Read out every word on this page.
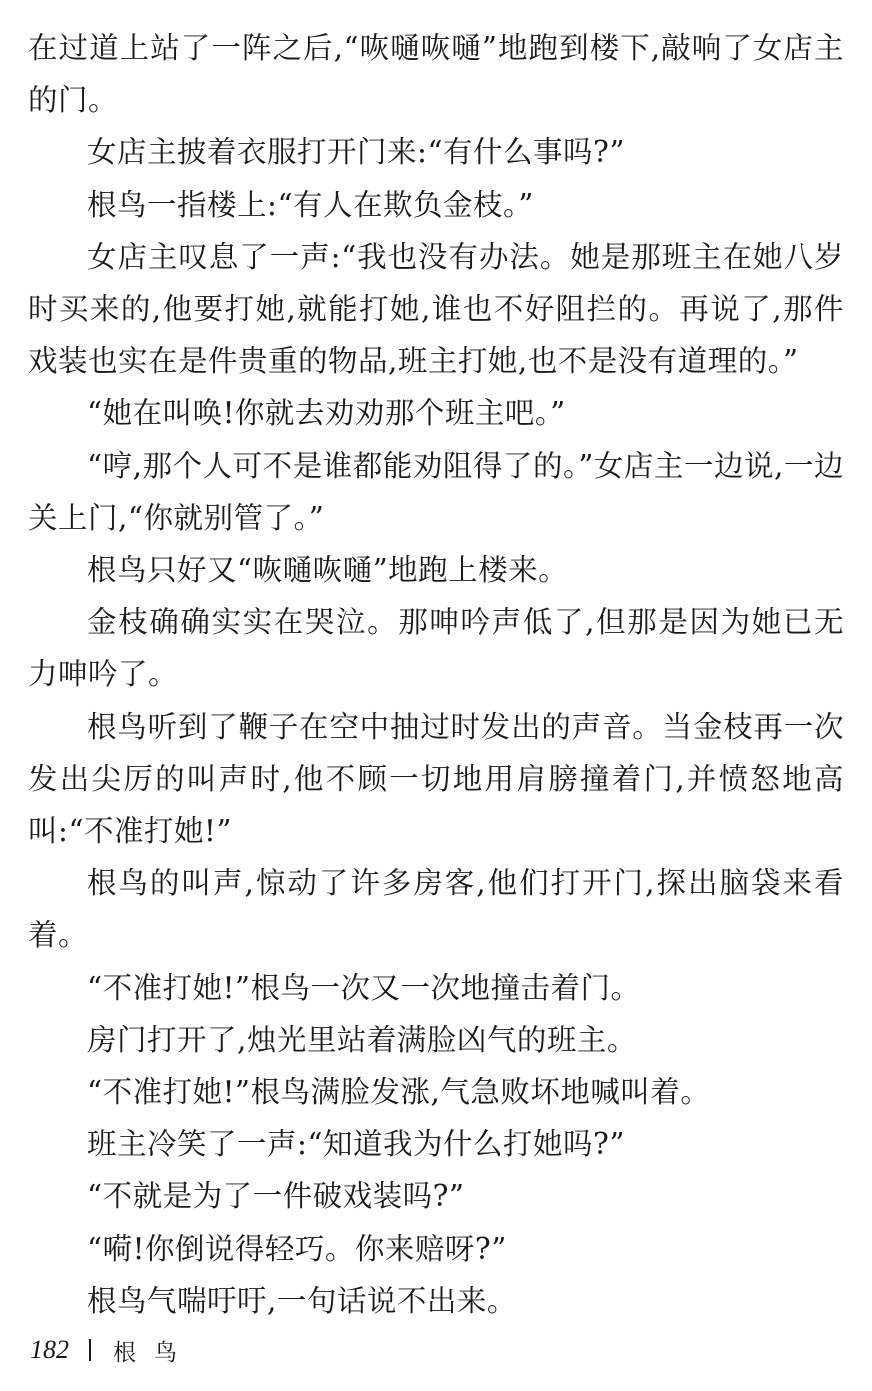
在过道上站了一阵之后,“咴嗵咴嗵”地跑到楼下,敲响了女店主的门。

女店主披着衣服打开门来:“有什么事吗?”

根鸟一指楼上:“有人在欺负金枝。”

女店主叹息了一声:“我也没有办法。她是那班主在她八岁时买来的,他要打她,就能打她,谁也不好阻拦的。再说了,那件戏装也实在是件贵重的物品,班主打她,也不是没有道理的。”

“她在叫唤!你就去劝劝那个班主吧。”

“哼,那个人可不是谁都能劝阻得了的。”女店主一边说,一边关上门,“你就别管了。”

根鸟只好又“咴嗵咴嗵”地跑上楼来。

金枝确确实实在哭泣。那呻吟声低了,但那是因为她已无力呻吟了。

根鸟听到了鞭子在空中抽过时发出的声音。当金枝再一次发出尖厉的叫声时,他不顾一切地用肩膀撞着门,并愤怒地高叫:“不准打她!”

根鸟的叫声,惊动了许多房客,他们打开门,探出脑袋来看着。

“不准打她!”根鸟一次又一次地撞击着门。

房门打开了,烛光里站着满脸凶气的班主。

“不准打她!”根鸟满脸发涨,气急败坏地喊叫着。

班主冷笑了一声:“知道我为什么打她吗?”

“不就是为了一件破戏装吗?”

“嗬!你倒说得轻巧。你来赔呀?”

根鸟气喘吁吁,一句话说不出来。

182 根鸟
